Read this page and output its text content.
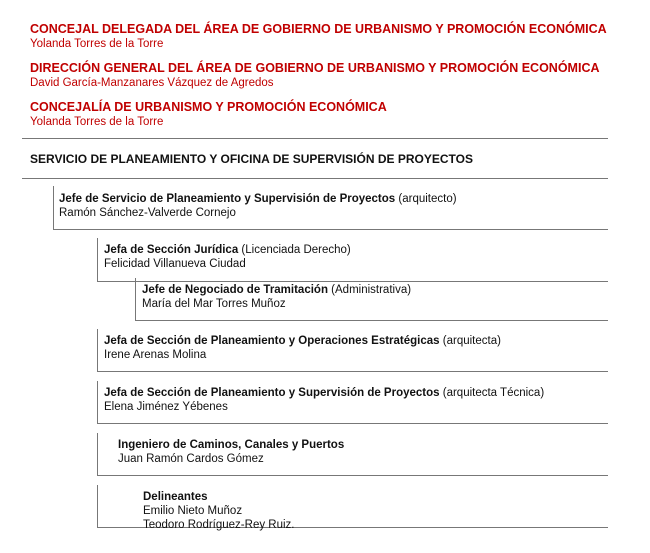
CONCEJAL DELEGADA DEL ÁREA DE GOBIERNO DE URBANISMO Y PROMOCIÓN ECONÓMICA
Yolanda Torres de la Torre
DIRECCIÓN GENERAL DEL ÁREA DE GOBIERNO DE URBANISMO Y PROMOCIÓN ECONÓMICA
David García-Manzanares Vázquez de Agredos
CONCEJALÍA DE URBANISMO Y PROMOCIÓN ECONÓMICA
Yolanda Torres de la Torre
SERVICIO DE PLANEAMIENTO Y OFICINA DE SUPERVISIÓN DE PROYECTOS
Jefe de Servicio de Planeamiento y Supervisión de Proyectos (arquitecto)
Ramón Sánchez-Valverde Cornejo
Jefa de Sección Jurídica (Licenciada Derecho)
Felicidad Villanueva Ciudad
Jefe de Negociado de Tramitación (Administrativa)
María del Mar Torres Muñoz
Jefa de Sección de Planeamiento y Operaciones Estratégicas (arquitecta)
Irene Arenas Molina
Jefa de Sección de Planeamiento y Supervisión de Proyectos (arquitecta Técnica)
Elena Jiménez Yébenes
Ingeniero de Caminos, Canales y Puertos
Juan Ramón Cardos Gómez
Delineantes
Emilio Nieto Muñoz
Teodoro Rodríguez-Rey Ruiz.
